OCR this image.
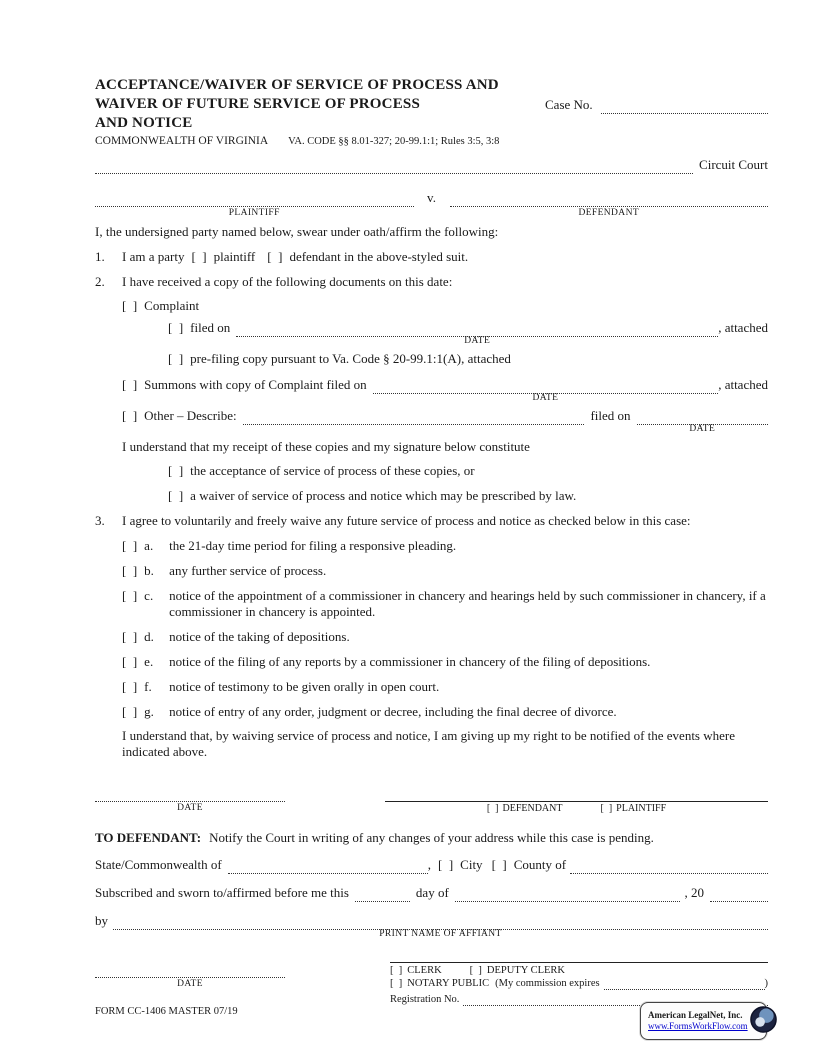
ACCEPTANCE/WAIVER OF SERVICE OF PROCESS AND
WAIVER OF FUTURE SERVICE OF PROCESS
AND NOTICE
Case No.
COMMONWEALTH OF VIRGINIA VA. CODE §§ 8.01-327; 20-99.1:1; Rules 3:5, 3:8
Circuit Court
v.
PLAINTIFF	DEFENDANT
I, the undersigned party named below, swear under oath/affirm the following:
1.	I am a party [  ] plaintiff [  ] defendant in the above-styled suit.
2.	I have received a copy of the following documents on this date:
[  ] Complaint
[  ] filed on
DATE
, attached
[  ] pre-filing copy pursuant to Va. Code § 20-99.1:1(A), attached
[  ] Summons with copy of Complaint filed on
DATE
, attached
[  ] Other – Describe:	filed on
DATE
I understand that my receipt of these copies and my signature below constitute
[  ] the acceptance of service of process of these copies, or
[  ] a waiver of service of process and notice which may be prescribed by law.
3.	I agree to voluntarily and freely waive any future service of process and notice as checked below in this case:
[  ] a.	the 21-day time period for filing a responsive pleading.
[  ] b.	any further service of process.
[  ] c.	notice of the appointment of a commissioner in chancery and hearings held by such commissioner in chancery, if a commissioner in chancery is appointed.
[  ] d.	notice of the taking of depositions.
[  ] e.	notice of the filing of any reports by a commissioner in chancery of the filing of depositions.
[  ] f.	notice of testimony to be given orally in open court.
[  ] g.	notice of entry of any order, judgment or decree, including the final decree of divorce.
I understand that, by waiving service of process and notice, I am giving up my right to be notified of the events where indicated above.
DATE	[  ] DEFENDANT	[  ] PLAINTIFF
TO DEFENDANT: Notify the Court in writing of any changes of your address while this case is pending.
State/Commonwealth of	, [  ] City [  ] County of
Subscribed and sworn to/affirmed before me this	day of	, 20
by
PRINT NAME OF AFFIANT
DATE
[  ] CLERK	[  ] DEPUTY CLERK
[  ] NOTARY PUBLIC (My commission expires	)
Registration No.
FORM CC-1406 MASTER 07/19	American LegalNet, Inc.
www.FormsWorkFlow.com
